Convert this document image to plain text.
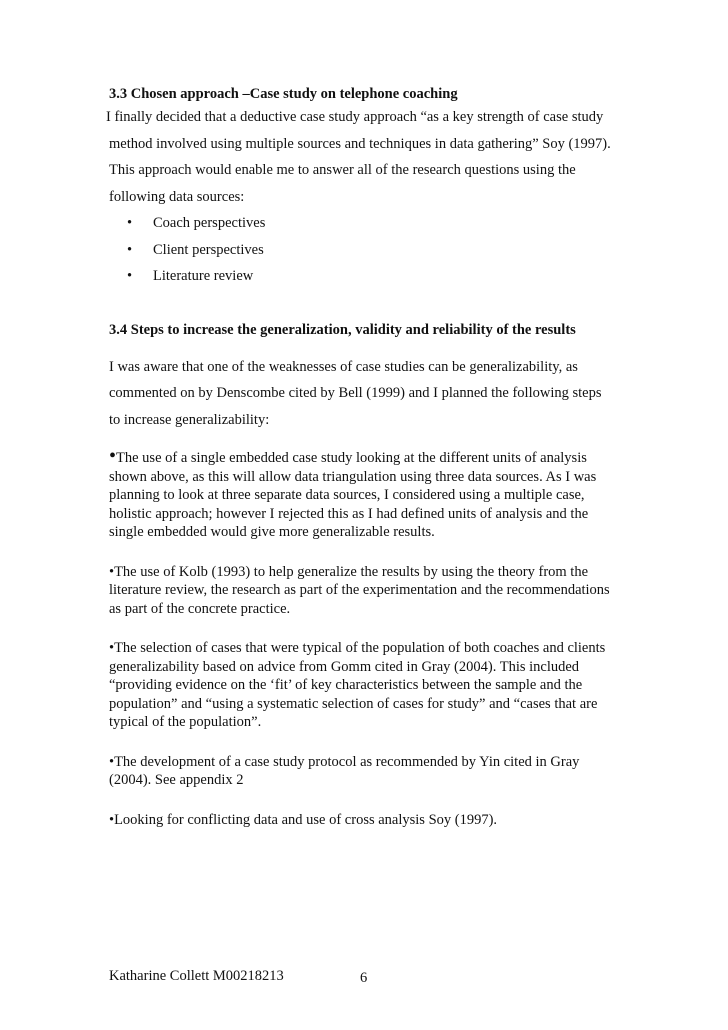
3.3 Chosen approach –Case study on telephone coaching

I finally decided that a deductive case study approach “as a key strength of case study

method involved using multiple sources and techniques in data gathering” Soy (1997).

This approach would enable me to answer all of the research questions using the

following data sources:

• Coach perspectives
• Client perspectives
• Literature review
3.4 Steps to increase the generalization, validity and reliability of the results

I was aware that one of the weaknesses of case studies can be generalizability, as

commented on by Denscombe cited by Bell (1999) and I planned the following steps

to increase generalizability:

•The use of a single embedded case study looking at the different units of analysis

shown above, as this will allow data triangulation using three data sources. As I was

planning to look at three separate data sources, I considered using a multiple case,

holistic approach; however I rejected this as I had defined units of analysis and the

single embedded would give more generalizable results.

•The use of Kolb (1993) to help generalize the results by using the theory from the

literature review, the research as part of the experimentation and the recommendations

as part of the concrete practice.

•The selection of cases that were typical of the population of both coaches and clients

generalizability based on advice from Gomm cited in Gray (2004). This included

“providing evidence on the ‘fit’ of key characteristics between the sample and the

population” and “using a systematic selection of cases for study” and “cases that are

typical of the population”.

•The development of a case study protocol as recommended by Yin cited in Gray

(2004). See appendix 2

•Looking for conflicting data and use of cross analysis Soy (1997).

Katharine Collett M00218213	6
